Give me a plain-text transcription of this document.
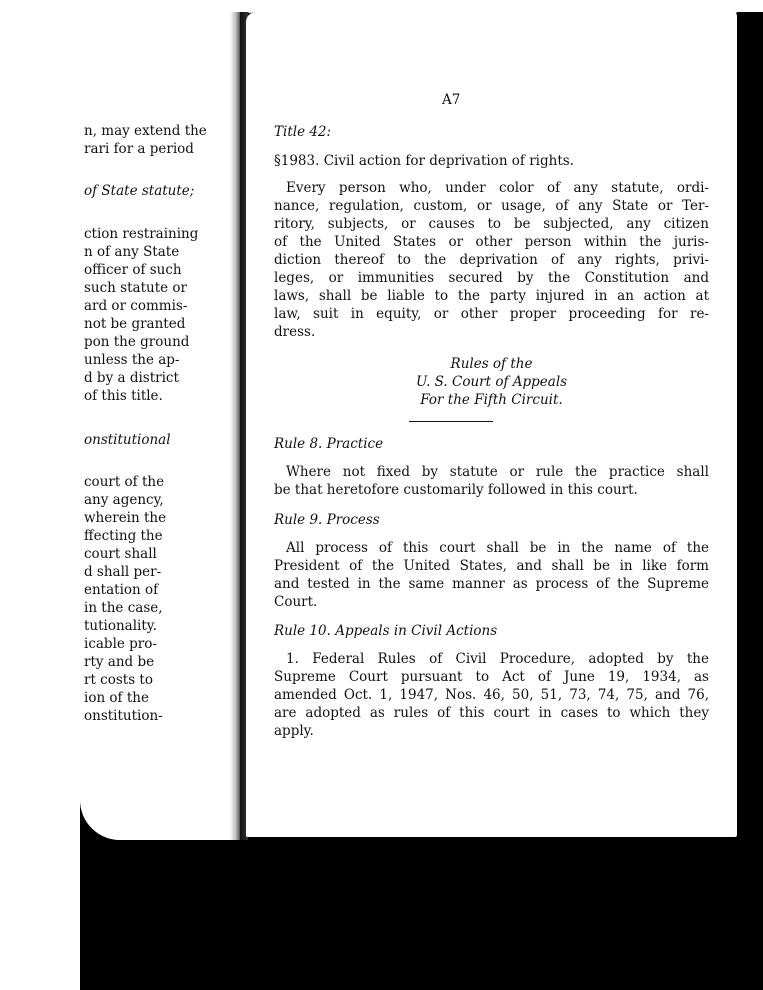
n, may extend the
rari for a period
of State statute;
ction restraining
n of any State
officer of such
such statute or
ard or commis-
not be granted
pon the ground
unless the ap-
d by a district
of this title.
onstitutional
court of the
any agency,
wherein the
ffecting the
court shall
d shall per-
entation of
in the case,
tutionality.
icable pro-
rty and be
rt costs to
ion of the
onstitution-
A7
Title 42:
§1983. Civil action for deprivation of rights.
Every person who, under color of any statute, ordi-
nance, regulation, custom, or usage, of any State or Ter-
ritory, subjects, or causes to be subjected, any citizen
of the United States or other person within the juris-
diction thereof to the deprivation of any rights, privi-
leges, or immunities secured by the Constitution and
laws, shall be liable to the party injured in an action at
law, suit in equity, or other proper proceeding for re-
dress.
Rules of the
U. S. Court of Appeals
For the Fifth Circuit.
Rule 8. Practice
Where not fixed by statute or rule the practice shall
be that heretofore customarily followed in this court.
Rule 9. Process
All process of this court shall be in the name of the
President of the United States, and shall be in like form
and tested in the same manner as process of the Supreme
Court.
Rule 10. Appeals in Civil Actions
1. Federal Rules of Civil Procedure, adopted by the
Supreme Court pursuant to Act of June 19, 1934, as
amended Oct. 1, 1947, Nos. 46, 50, 51, 73, 74, 75, and 76,
are adopted as rules of this court in cases to which they
apply.
